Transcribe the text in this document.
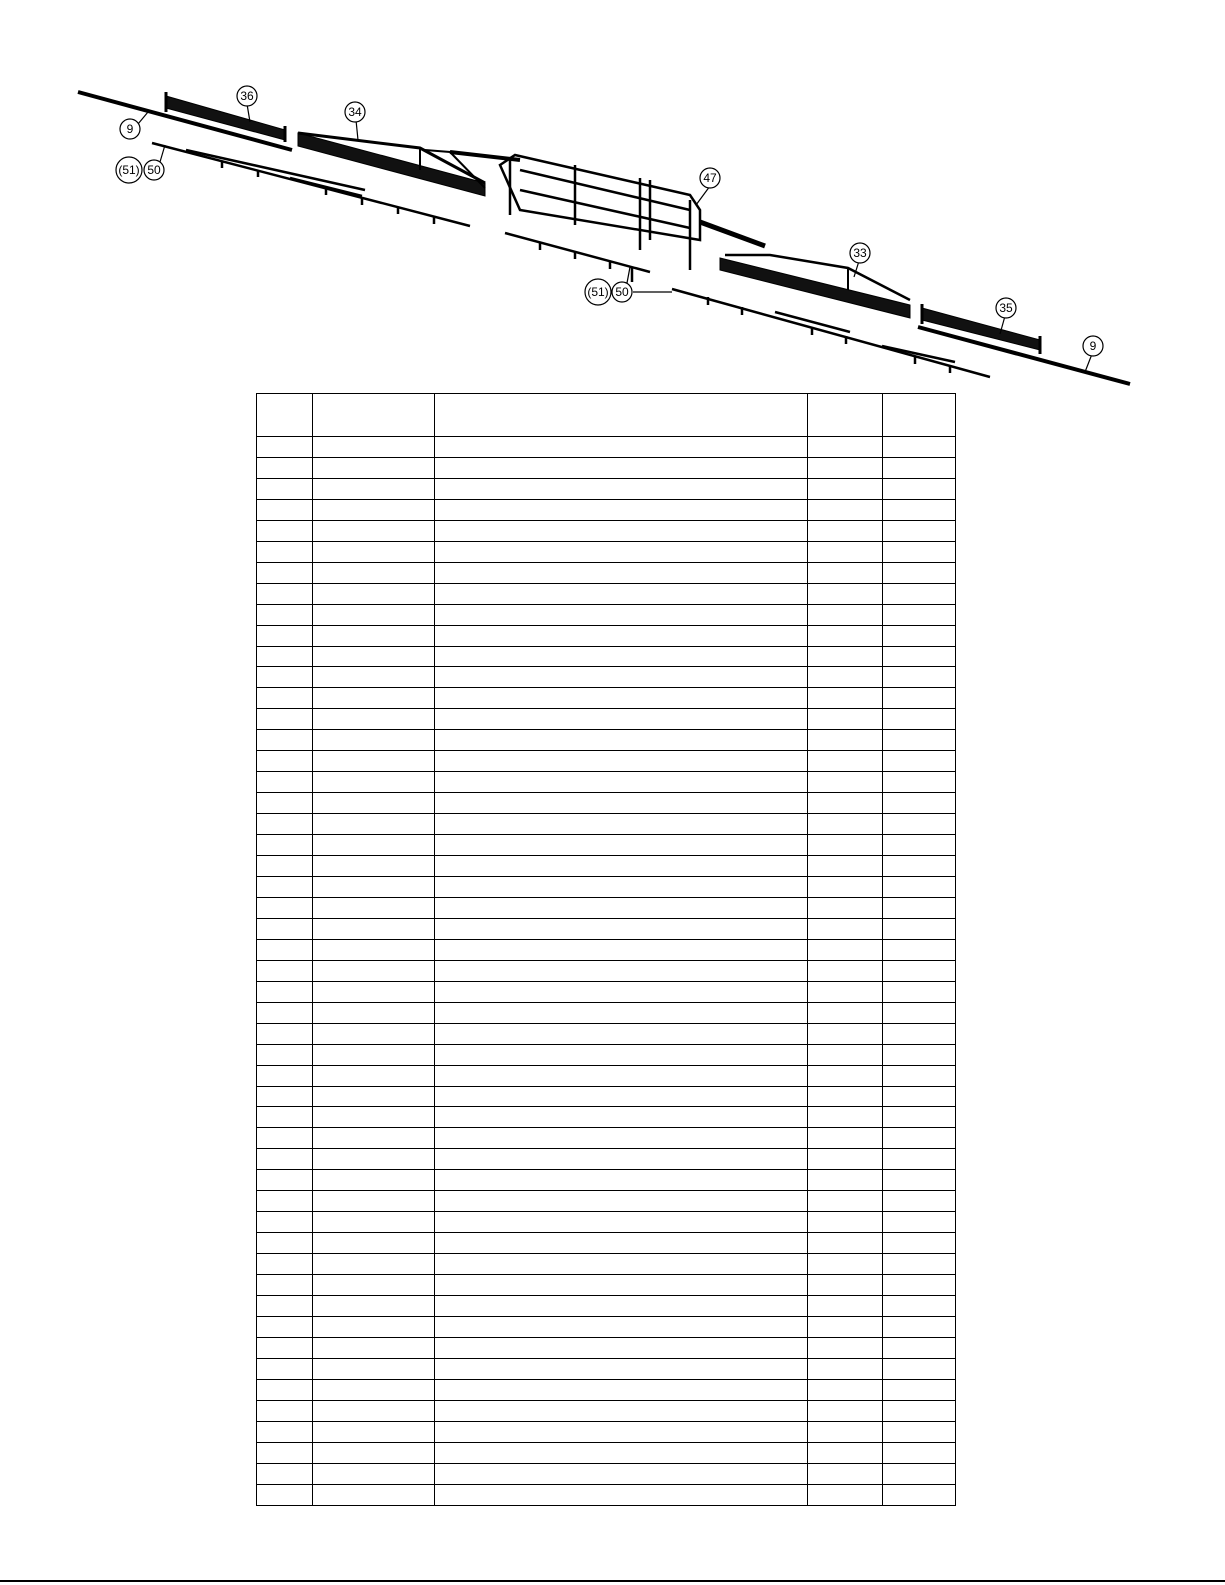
36
34
9
(51) 50
47
33
(51) 50
35
9
